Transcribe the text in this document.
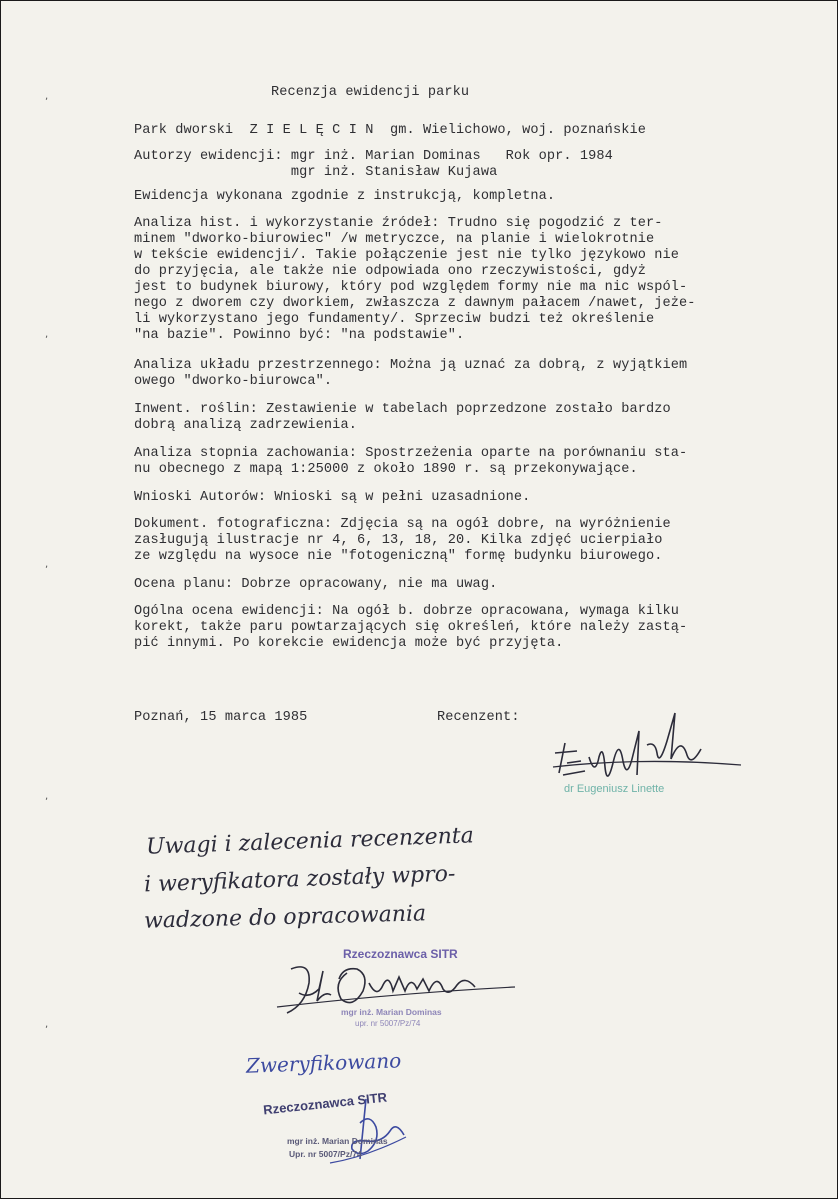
,
,
,
,
,
Recenzja ewidencji parku
Park dworski  Z I E L Ę C I N  gm. Wielichowo, woj. poznańskie
Autorzy ewidencji: mgr inż. Marian Dominas   Rok opr. 1984
mgr inż. Stanisław Kujawa
Ewidencja wykonana zgodnie z instrukcją, kompletna.
Analiza hist. i wykorzystanie źródeł: Trudno się pogodzić z ter-
minem "dworko-biurowiec" /w metryczce, na planie i wielokrotnie
w tekście ewidencji/. Takie połączenie jest nie tylko językowo nie
do przyjęcia, ale także nie odpowiada ono rzeczywistości, gdyż
jest to budynek biurowy, który pod względem formy nie ma nic wspól-
nego z dworem czy dworkiem, zwłaszcza z dawnym pałacem /nawet, jeże-
li wykorzystano jego fundamenty/. Sprzeciw budzi też określenie
"na bazie". Powinno być: "na podstawie".
Analiza układu przestrzennego: Można ją uznać za dobrą, z wyjątkiem
owego "dworko-biurowca".
Inwent. roślin: Zestawienie w tabelach poprzedzone zostało bardzo
dobrą analizą zadrzewienia.
Analiza stopnia zachowania: Spostrzeżenia oparte na porównaniu sta-
nu obecnego z mapą 1:25000 z około 1890 r. są przekonywające.
Wnioski Autorów: Wnioski są w pełni uzasadnione.
Dokument. fotograficzna: Zdjęcia są na ogół dobre, na wyróżnienie
zasługują ilustracje nr 4, 6, 13, 18, 20. Kilka zdjęć ucierpiało
ze względu na wysoce nie "fotogeniczną" formę budynku biurowego.
Ocena planu: Dobrze opracowany, nie ma uwag.
Ogólna ocena ewidencji: Na ogół b. dobrze opracowana, wymaga kilku
korekt, także paru powtarzających się określeń, które należy zastą-
pić innymi. Po korekcie ewidencja może być przyjęta.
Poznań, 15 marca 1985	Recenzent:
dr Eugeniusz Linette
Uwagi i zalecenia recenzenta
i weryfikatora zostały wpro-
wadzone do opracowania
Rzeczoznawca SITR
mgr inż. Marian Dominas
upr. nr 5007/Pz/74
Zweryfikowano
Rzeczoznawca SITR
mgr inż. Marian Dominas
Upr. nr 5007/Pz/74
